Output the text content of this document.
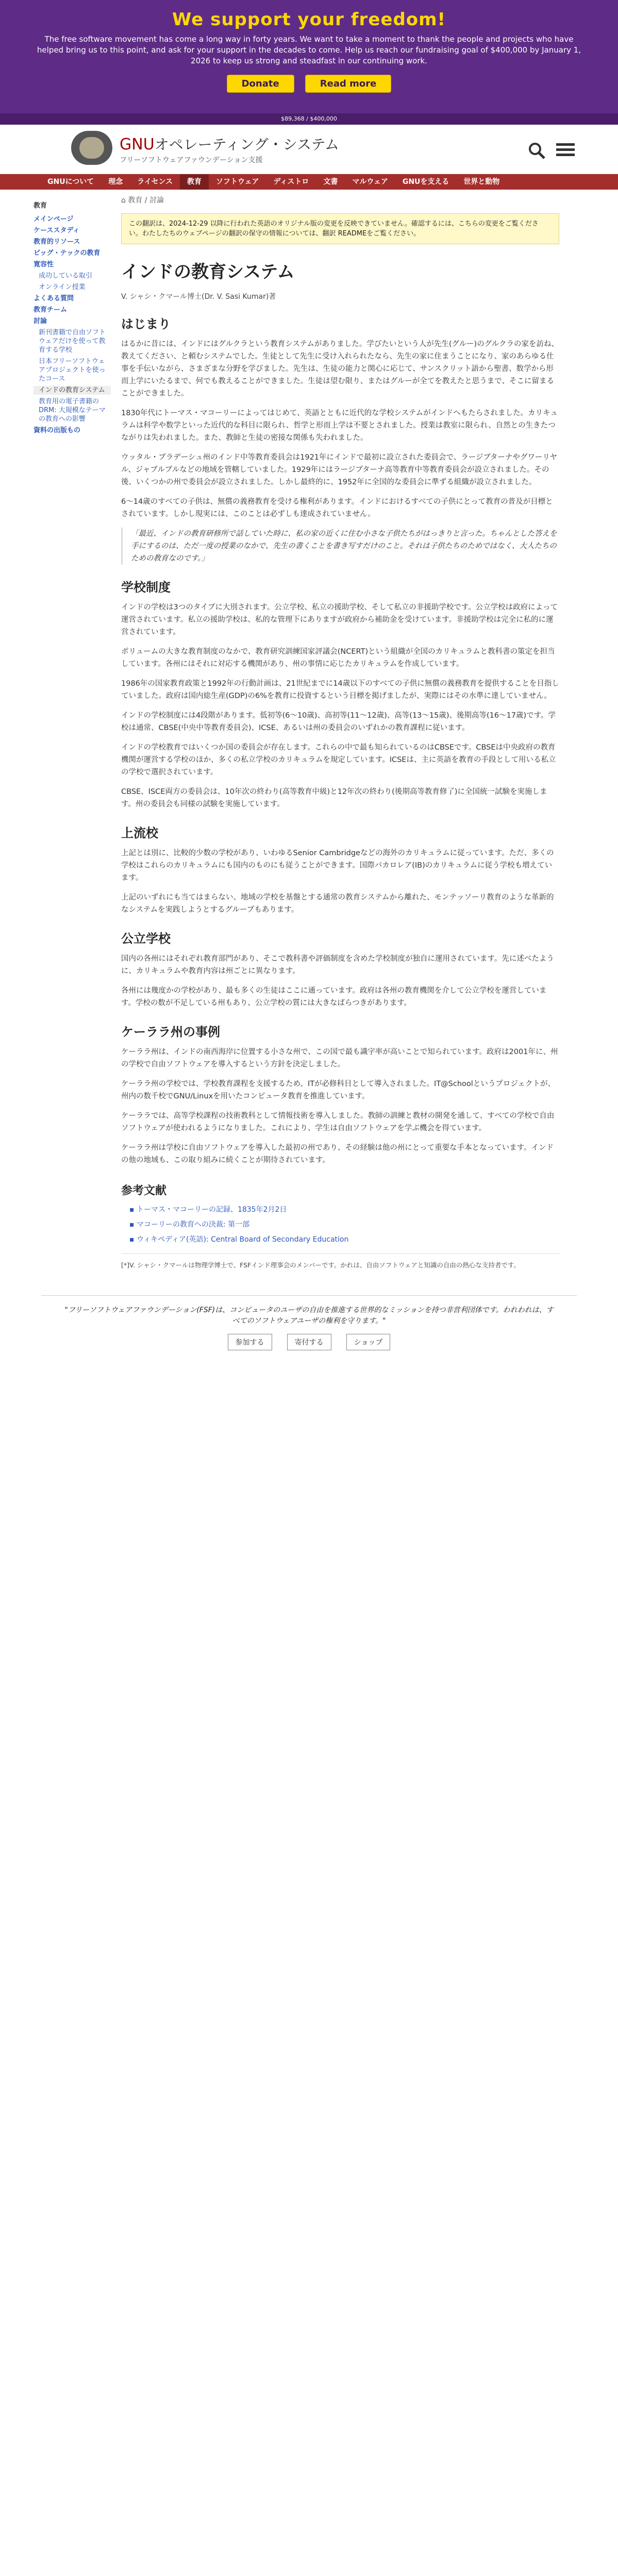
We support your freedom!

The free software movement has come a long way in forty years. We want to take a moment to thank the people and projects who have helped bring us to this point, and ask for your support in the decades to come. Help us reach our fundraising goal of $400,000 by January 1, 2026 to keep us strong and steadfast in our continuing work.

Donate	Read more
$89,368 / $400,000
GNUオペレーティング・システム
フリーソフトウェアファウンデーション支援
GNUについて	理念	ライセンス	教育	ソフトウェア	ディストロ	文書	マルウェア	GNUを支える	世界と動物
教育
メインページ
ケーススタディ
教育的リソース
ビッグ・テックの教育
寛容性
成功している取引
オンライン授業
よくある質問
教育チーム
討論
新刊書籍で自由ソフトウェアだけを使って教育する学校
日本フリーソフトウェアプロジェクトを使ったコース
インドの教育システム
教育用の電子書籍のDRM: 大規模なテーマの教育への影響
資料の出版もの
⌂ 教育 / 討論
この翻訳は、2024-12-29 以降に行われた英語のオリジナル版の変更を反映できていません。確認するには、こちらの変更をご覧ください。わたしたちのウェブページの翻訳の保守の情報については、翻訳 READMEをご覧ください。
インドの教育システム
V. シャシ・クマール博士(Dr. V. Sasi Kumar)著
はじまり

はるかに昔には、インドにはグルクラという教育システムがありました。学びたいという人が先生(グルー)のグルクラの家を訪ね、教えてください、と頼むシステムでした。生徒として先生に受け入れられたなら、先生の家に住まうことになり、家のあらゆる仕事を手伝いながら、さまざまな分野を学びました。先生は、生徒の能力と関心に応じて、サンスクリット語から聖書、数学から形而上学にいたるまで、何でも教えることができました。生徒は望む限り、またはグルーが全てを教えたと思うまで、そこに留まることができました。

1830年代にトーマス・マコーリーによってはじめて、英語とともに近代的な学校システムがインドへもたらされました。カリキュラムは科学や数学といった近代的な科目に限られ、哲学と形而上学は不要とされました。授業は教室に限られ、自然との生きたつながりは失われました。また、教師と生徒の密接な関係も失われました。

ウッタル・プラデーシュ州のインド中等教育委員会は1921年にインドで最初に設立された委員会で、ラージプターナやグワーリヤル、ジャブルプルなどの地域を管轄していました。1929年にはラージプターナ高等教育中等教育委員会が設立されました。その後、いくつかの州で委員会が設立されました。しかし最終的に、1952年に全国的な委員会に準ずる組織が設立されました。

6〜14歳のすべての子供は、無償の義務教育を受ける権利があります。インドにおけるすべての子供にとって教育の普及が目標とされています。しかし現実には、このことは必ずしも達成されていません。

「最近、インドの教育研修所で話していた時に、私の家の近くに住む小さな子供たちがはっきりと言った。ちゃんとした答えを手にするのは、ただ一度の授業のなかで、先生の書くことを書き写すだけのこと。それは子供たちのためではなく、大人たちのための教育なのです。」
学校制度

インドの学校は3つのタイプに大別されます。公立学校、私立の援助学校、そして私立の非援助学校です。公立学校は政府によって運営されています。私立の援助学校は、私的な管理下にありますが政府から補助金を受けています。非援助学校は完全に私的に運営されています。

ボリュームの大きな教育制度のなかで、教育研究訓練国家評議会(NCERT)という組織が全国のカリキュラムと教科書の策定を担当しています。各州にはそれに対応する機関があり、州の事情に応じたカリキュラムを作成しています。

1986年の国家教育政策と1992年の行動計画は、21世紀までに14歳以下のすべての子供に無償の義務教育を提供することを目指していました。政府は国内総生産(GDP)の6%を教育に投資するという目標を掲げましたが、実際にはその水準に達していません。

インドの学校制度には4段階があります。低初等(6〜10歳)、高初等(11〜12歳)、高等(13〜15歳)、後期高等(16〜17歳)です。学校は通常、CBSE(中央中等教育委員会)、ICSE、あるいは州の委員会のいずれかの教育課程に従います。

インドの学校教育ではいくつか国の委員会が存在します。これらの中で最も知られているのはCBSEです。CBSEは中央政府の教育機関が運営する学校のほか、多くの私立学校のカリキュラムを規定しています。ICSEは、主に英語を教育の手段として用いる私立の学校で選択されています。

CBSE、ISCE両方の委員会は、10年次の終わり(高等教育中級)と12年次の終わり(後期高等教育修了)に全国統一試験を実施します。州の委員会も同様の試験を実施しています。

上流校

上記とは別に、比較的少数の学校があり、いわゆるSenior Cambridgeなどの海外のカリキュラムに従っています。ただ、多くの学校はこれらのカリキュラムにも国内のものにも従うことができます。国際バカロレア(IB)のカリキュラムに従う学校も増えています。

上記のいずれにも当てはまらない、地域の学校を基盤とする通常の教育システムから離れた、モンテッソーリ教育のような革新的なシステムを実践しようとするグループもあります。

公立学校

国内の各州にはそれぞれ教育部門があり、そこで教科書や評価制度を含めた学校制度が独自に運用されています。先に述べたように、カリキュラムや教育内容は州ごとに異なります。

各州には幾度かの学校があり、最も多くの生徒はここに通っています。政府は各州の教育機関を介して公立学校を運営しています。学校の数が不足している州もあり、公立学校の質には大きなばらつきがあります。

ケーララ州の事例

ケーララ州は、インドの南西海岸に位置する小さな州で、この国で最も識字率が高いことで知られています。政府は2001年に、州の学校で自由ソフトウェアを導入するという方針を決定しました。

ケーララ州の学校では、学校教育課程を支援するため、ITが必修科目として導入されました。IT@Schoolというプロジェクトが、州内の数千校でGNU/Linuxを用いたコンピュータ教育を推進しています。

ケーララでは、高等学校課程の技術教科として情報技術を導入しました。教師の訓練と教材の開発を通して、すべての学校で自由ソフトウェアが使われるようになりました。これにより、学生は自由ソフトウェアを学ぶ機会を得ています。

ケーララ州は学校に自由ソフトウェアを導入した最初の州であり、その経験は他の州にとって重要な手本となっています。インドの他の地域も、この取り組みに続くことが期待されています。

参考文献
▪ トーマス・マコーリーの記録、1835年2月2日
▪ マコーリーの教育への決裁: 第一部
▪ ウィキペディア(英語): Central Board of Secondary Education
[*]V. シャシ・クマールは物理学博士で、FSFインド理事会のメンバーです。かれは、自由ソフトウェアと知識の自由の熱心な支持者です。

"フリーソフトウェアファウンデーション(FSF)は、コンピュータのユーザの自由を推進する世界的なミッションを持つ非営利団体です。われわれは、すべてのソフトウェアユーザの権利を守ります。"

参加する	寄付する	ショップ
